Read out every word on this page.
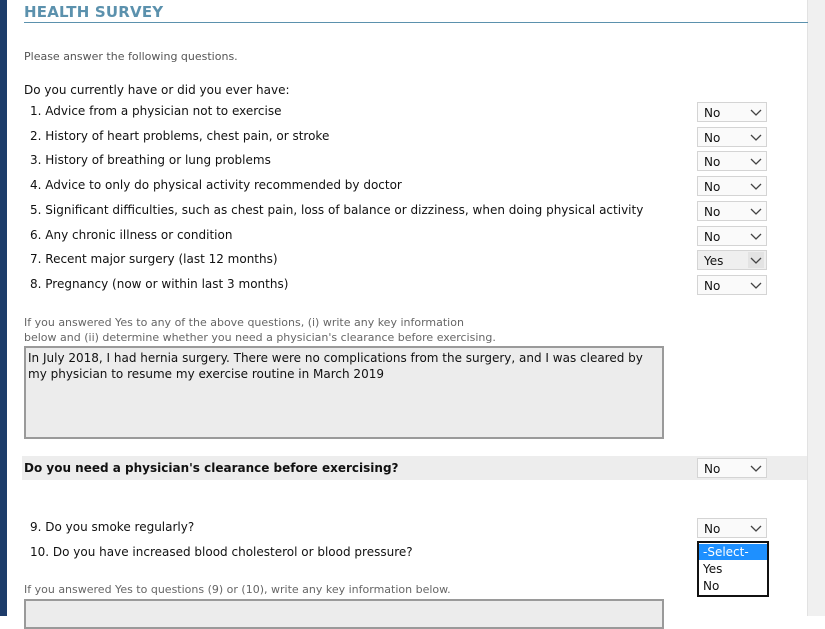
HEALTH SURVEY
Please answer the following questions.
Do you currently have or did you ever have:
1. Advice from a physician not to exercise	No
2. History of heart problems, chest pain, or stroke	No
3. History of breathing or lung problems	No
4. Advice to only do physical activity recommended by doctor	No
5. Significant difficulties, such as chest pain, loss of balance or dizziness, when doing physical activity	No
6. Any chronic illness or condition	No
7. Recent major surgery (last 12 months)	Yes
8. Pregnancy (now or within last 3 months)	No
If you answered Yes to any of the above questions, (i) write any key information
below and (ii) determine whether you need a physician's clearance before exercising.
In July 2018, I had hernia surgery. There were no complications from the surgery, and I was cleared by my physician to resume my exercise routine in March 2019
Do you need a physician's clearance before exercising?	No
9. Do you smoke regularly?	No
10. Do you have increased blood cholesterol or blood pressure?	-Select-
Yes
No
If you answered Yes to questions (9) or (10), write any key information below.
